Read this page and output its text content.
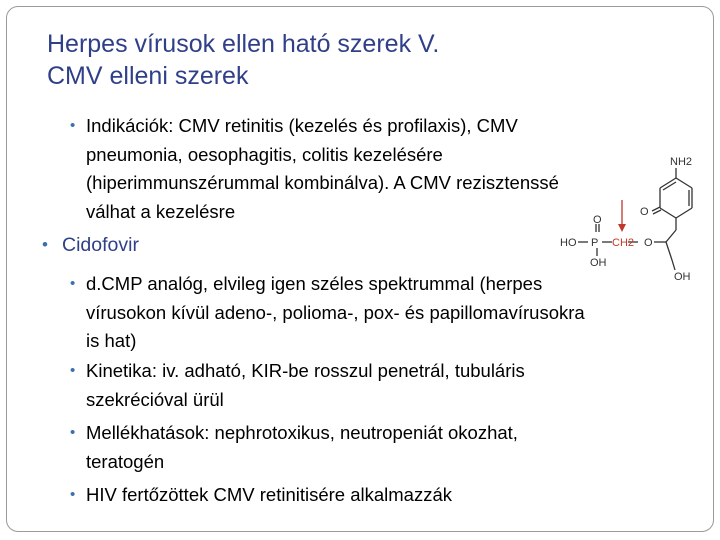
Herpes vírusok ellen ható szerek V.
CMV elleni szerek
• Indikációk: CMV retinitis (kezelés és profilaxis), CMV
pneumonia, oesophagitis, colitis kezelésére
(hiperimmunszérummal kombinálva). A CMV rezisztenssé
válhat a kezelésre
• Cidofovir
• d.CMP analóg, elvileg igen széles spektrummal (herpes
vírusokon kívül adeno-, polioma-, pox- és papillomavírusokra
is hat)
• Kinetika: iv. adható, KIR-be rosszul penetrál, tubuláris
szekrécióval ürül
• Mellékhatások: nephrotoxikus, neutropeniát okozhat,
teratogén
• HIV fertőzöttek CMV retinitisére alkalmazzák
NH2
O
O
O
HO P CH2
OH
OH
